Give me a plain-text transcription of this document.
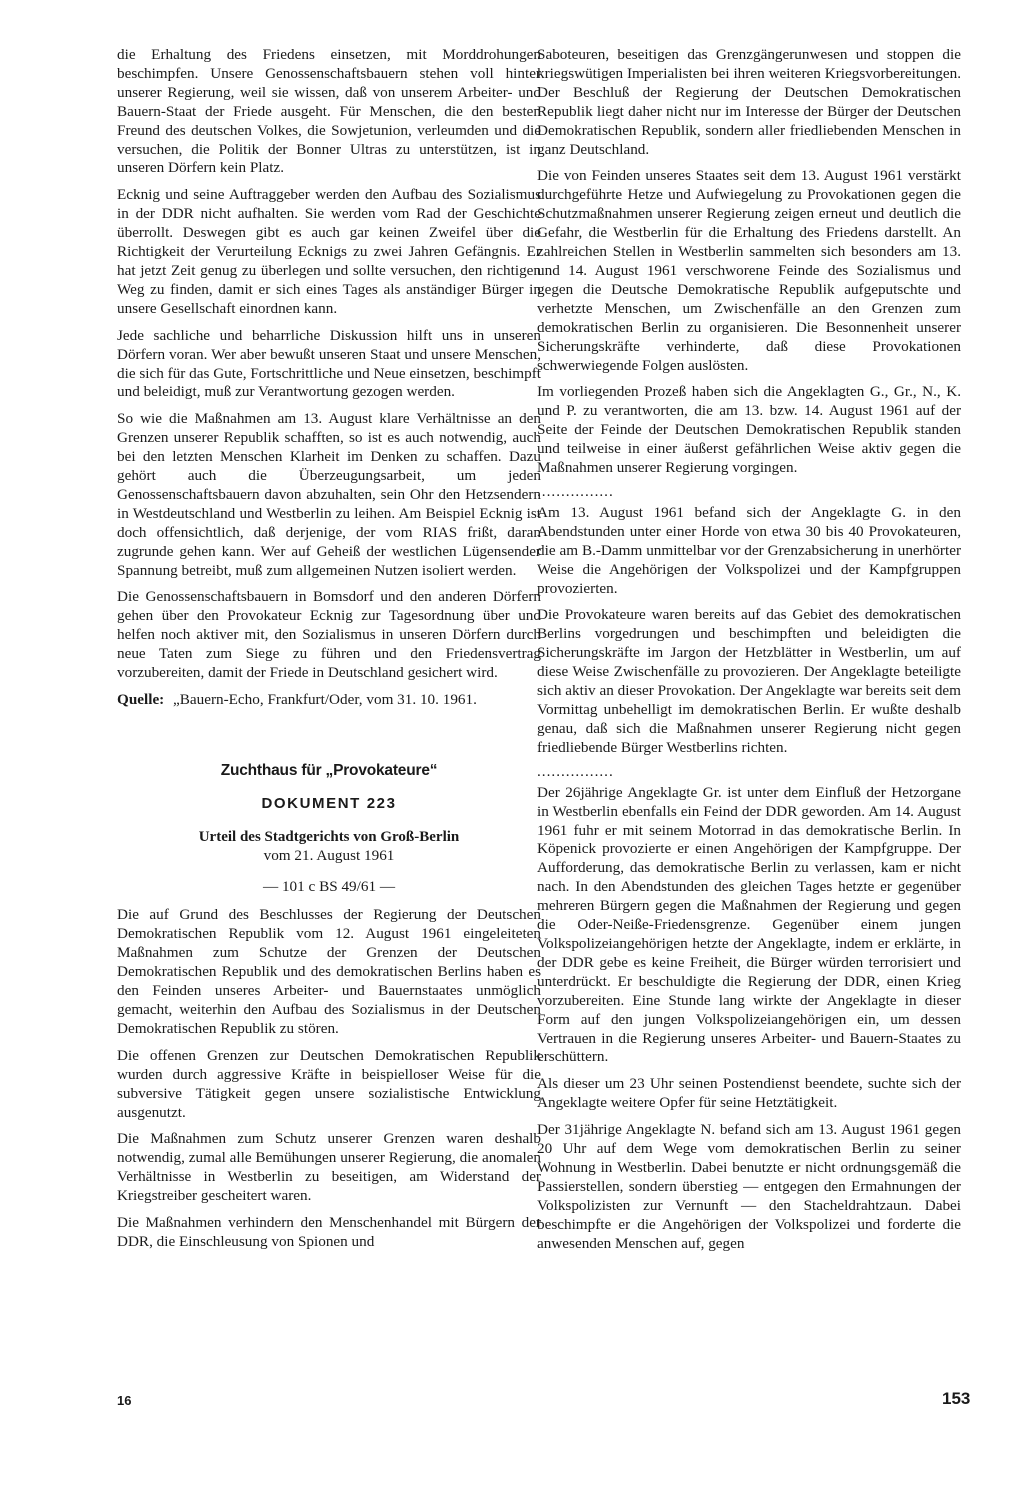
die Erhaltung des Friedens einsetzen, mit Morddrohungen beschimpfen. Unsere Genossenschaftsbauern stehen voll hinter unserer Regierung, weil sie wissen, daß von unserem Arbeiter- und Bauern-Staat der Friede ausgeht. Für Menschen, die den besten Freund des deutschen Volkes, die Sowjetunion, verleumden und die versuchen, die Politik der Bonner Ultras zu unterstützen, ist in unseren Dörfern kein Platz.

Ecknig und seine Auftraggeber werden den Aufbau des Sozialismus in der DDR nicht aufhalten. Sie werden vom Rad der Geschichte überrollt. Deswegen gibt es auch gar keinen Zweifel über die Richtigkeit der Verurteilung Ecknigs zu zwei Jahren Gefängnis. Er hat jetzt Zeit genug zu überlegen und sollte versuchen, den richtigen Weg zu finden, damit er sich eines Tages als anständiger Bürger in unsere Gesellschaft einordnen kann.

Jede sachliche und beharrliche Diskussion hilft uns in unseren Dörfern voran. Wer aber bewußt unseren Staat und unsere Menschen, die sich für das Gute, Fortschrittliche und Neue einsetzen, beschimpft und beleidigt, muß zur Verantwortung gezogen werden.

So wie die Maßnahmen am 13. August klare Verhältnisse an den Grenzen unserer Republik schafften, so ist es auch notwendig, auch bei den letzten Menschen Klarheit im Denken zu schaffen. Dazu gehört auch die Überzeugungsarbeit, um jeden Genossenschaftsbauern davon abzuhalten, sein Ohr den Hetzsendern in Westdeutschland und Westberlin zu leihen. Am Beispiel Ecknig ist doch offensichtlich, daß derjenige, der vom RIAS frißt, daran zugrunde gehen kann. Wer auf Geheiß der westlichen Lügensender Spannung betreibt, muß zum allgemeinen Nutzen isoliert werden.

Die Genossenschaftsbauern in Bomsdorf und den anderen Dörfern gehen über den Provokateur Ecknig zur Tagesordnung über und helfen noch aktiver mit, den Sozialismus in unseren Dörfern durch neue Taten zum Siege zu führen und den Friedensvertrag vorzubereiten, damit der Friede in Deutschland gesichert wird.

Quelle: „Bauern-Echo, Frankfurt/Oder, vom 31. 10. 1961.
Zuchthaus für „Provokateure“
DOKUMENT 223
Urteil des Stadtgerichts von Groß-Berlin
vom 21. August 1961
— 101 c BS 49/61 —

Die auf Grund des Beschlusses der Regierung der Deutschen Demokratischen Republik vom 12. August 1961 eingeleiteten Maßnahmen zum Schutze der Grenzen der Deutschen Demokratischen Republik und des demokratischen Berlins haben es den Feinden unseres Arbeiter- und Bauernstaates unmöglich gemacht, weiterhin den Aufbau des Sozialismus in der Deutschen Demokratischen Republik zu stören.

Die offenen Grenzen zur Deutschen Demokratischen Republik wurden durch aggressive Kräfte in beispielloser Weise für die subversive Tätigkeit gegen unsere sozialistische Entwicklung ausgenutzt.

Die Maßnahmen zum Schutz unserer Grenzen waren deshalb notwendig, zumal alle Bemühungen unserer Regierung, die anomalen Verhältnisse in Westberlin zu beseitigen, am Widerstand der Kriegstreiber gescheitert waren.

Die Maßnahmen verhindern den Menschenhandel mit Bürgern der DDR, die Einschleusung von Spionen und

Saboteuren, beseitigen das Grenzgängerunwesen und stoppen die kriegswütigen Imperialisten bei ihren weiteren Kriegsvorbereitungen. Der Beschluß der Regierung der Deutschen Demokratischen Republik liegt daher nicht nur im Interesse der Bürger der Deutschen Demokratischen Republik, sondern aller friedliebenden Menschen in ganz Deutschland.

Die von Feinden unseres Staates seit dem 13. August 1961 verstärkt durchgeführte Hetze und Aufwiegelung zu Provokationen gegen die Schutzmaßnahmen unserer Regierung zeigen erneut und deutlich die Gefahr, die Westberlin für die Erhaltung des Friedens darstellt. An zahlreichen Stellen in Westberlin sammelten sich besonders am 13. und 14. August 1961 verschworene Feinde des Sozialismus und gegen die Deutsche Demokratische Republik aufgeputschte und verhetzte Menschen, um Zwischenfälle an den Grenzen zum demokratischen Berlin zu organisieren. Die Besonnenheit unserer Sicherungskräfte verhinderte, daß diese Provokationen schwerwiegende Folgen auslösten.

Im vorliegenden Prozeß haben sich die Angeklagten G., Gr., N., K. und P. zu verantworten, die am 13. bzw. 14. August 1961 auf der Seite der Feinde der Deutschen Demokratischen Republik standen und teilweise in einer äußerst gefährlichen Weise aktiv gegen die Maßnahmen unserer Regierung vorgingen.

................

Am 13. August 1961 befand sich der Angeklagte G. in den Abendstunden unter einer Horde von etwa 30 bis 40 Provokateuren, die am B.-Damm unmittelbar vor der Grenzabsicherung in unerhörter Weise die Angehörigen der Volkspolizei und der Kampfgruppen provozierten.

Die Provokateure waren bereits auf das Gebiet des demokratischen Berlins vorgedrungen und beschimpften und beleidigten die Sicherungskräfte im Jargon der Hetzblätter in Westberlin, um auf diese Weise Zwischenfälle zu provozieren. Der Angeklagte beteiligte sich aktiv an dieser Provokation. Der Angeklagte war bereits seit dem Vormittag unbehelligt im demokratischen Berlin. Er wußte deshalb genau, daß sich die Maßnahmen unserer Regierung nicht gegen friedliebende Bürger Westberlins richten.

................

Der 26jährige Angeklagte Gr. ist unter dem Einfluß der Hetzorgane in Westberlin ebenfalls ein Feind der DDR geworden. Am 14. August 1961 fuhr er mit seinem Motorrad in das demokratische Berlin. In Köpenick provozierte er einen Angehörigen der Kampfgruppe. Der Aufforderung, das demokratische Berlin zu verlassen, kam er nicht nach. In den Abendstunden des gleichen Tages hetzte er gegenüber mehreren Bürgern gegen die Maßnahmen der Regierung und gegen die Oder-Neiße-Friedensgrenze. Gegenüber einem jungen Volkspolizeiangehörigen hetzte der Angeklagte, indem er erklärte, in der DDR gebe es keine Freiheit, die Bürger würden terrorisiert und unterdrückt. Er beschuldigte die Regierung der DDR, einen Krieg vorzubereiten. Eine Stunde lang wirkte der Angeklagte in dieser Form auf den jungen Volkspolizeiangehörigen ein, um dessen Vertrauen in die Regierung unseres Arbeiter- und Bauern-Staates zu erschüttern.

Als dieser um 23 Uhr seinen Postendienst beendete, suchte sich der Angeklagte weitere Opfer für seine Hetztätigkeit.

Der 31jährige Angeklagte N. befand sich am 13. August 1961 gegen 20 Uhr auf dem Wege vom demokratischen Berlin zu seiner Wohnung in Westberlin. Dabei benutzte er nicht ordnungsgemäß die Passierstellen, sondern überstieg — entgegen den Ermahnungen der Volkspolizisten zur Vernunft — den Stacheldrahtzaun. Dabei beschimpfte er die Angehörigen der Volkspolizei und forderte die anwesenden Menschen auf, gegen

16	153
